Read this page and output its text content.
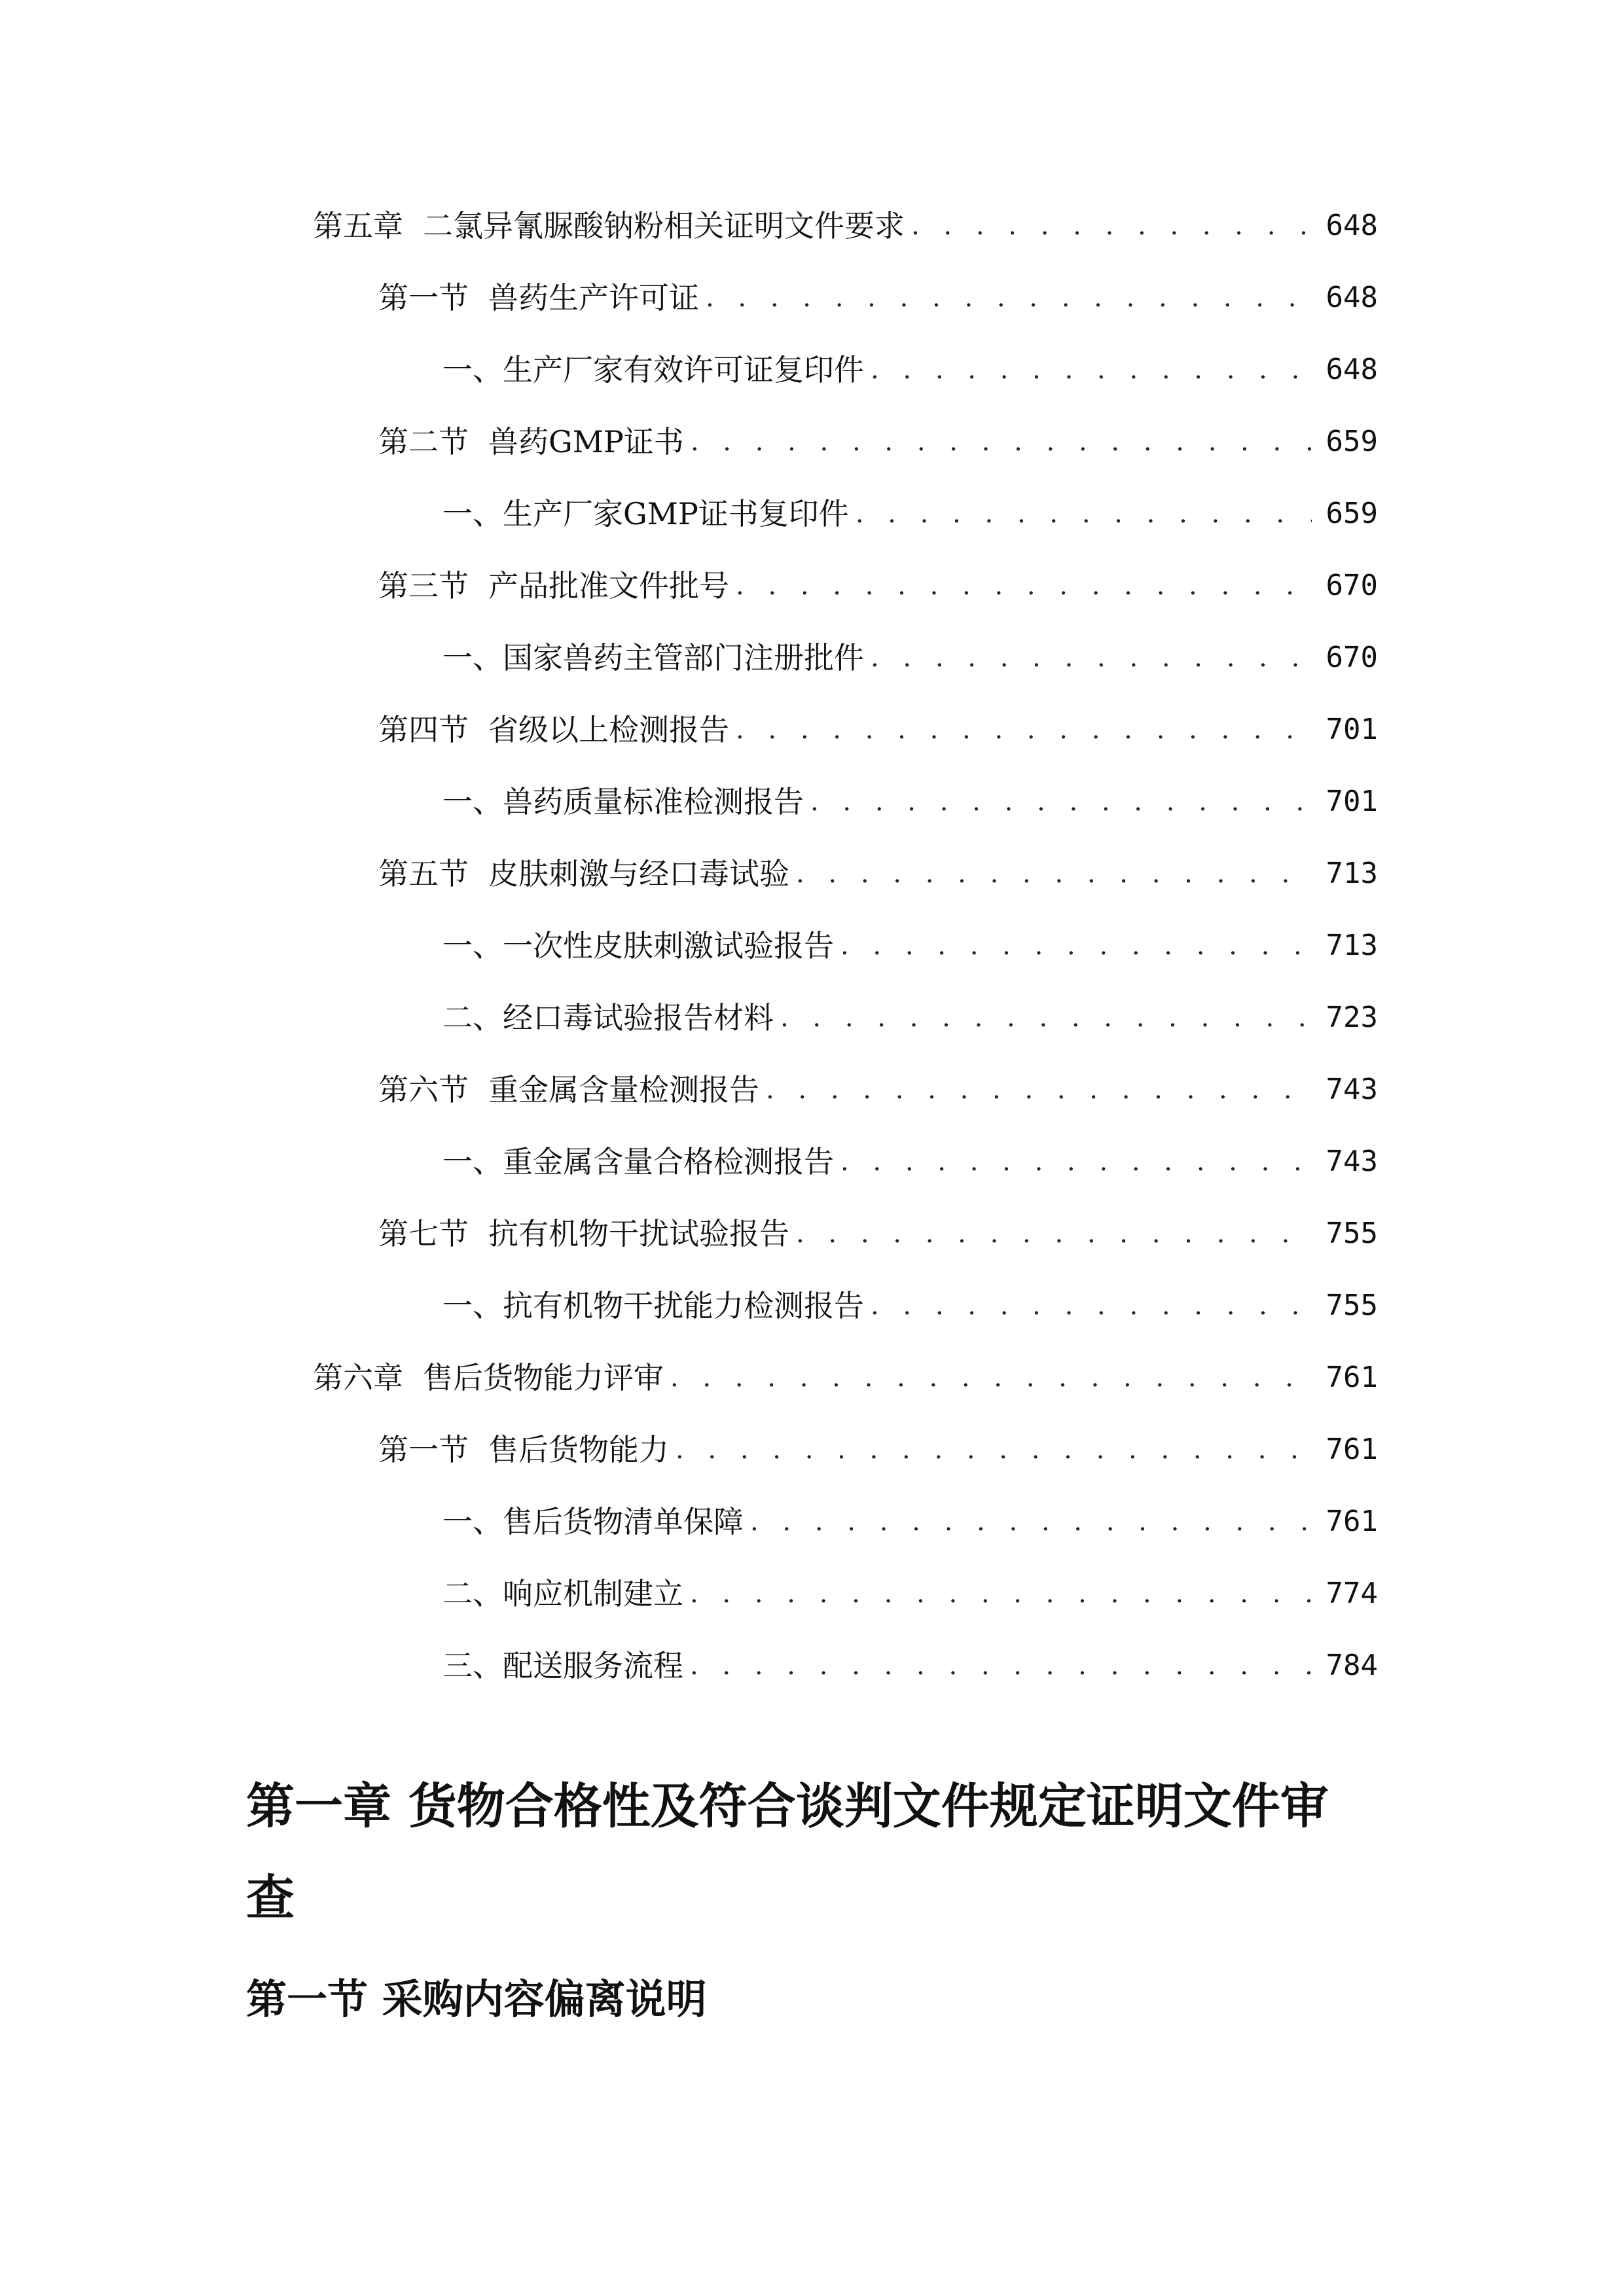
第五章 二氯异氰脲酸钠粉相关证明文件要求 . . .	648
第一节 兽药生产许可证 . . .	648
一、 生产厂家有效许可证复印件 . . .	648
第二节 兽药GMP证书 . . .	659
一、 生产厂家GMP证书复印件 . . .	659
第三节 产品批准文件批号 . . .	670
一、 国家兽药主管部门注册批件 . . .	670
第四节 省级以上检测报告 . . .	701
一、 兽药质量标准检测报告 . . .	701
第五节 皮肤刺激与经口毒试验 . . .	713
一、 一次性皮肤刺激试验报告 . . .	713
二、 经口毒试验报告材料 . . .	723
第六节 重金属含量检测报告 . . .	743
一、 重金属含量合格检测报告 . . .	743
第七节 抗有机物干扰试验报告 . . .	755
一、 抗有机物干扰能力检测报告 . . .	755
第六章 售后货物能力评审 . . .	761
第一节 售后货物能力 . . .	761
一、 售后货物清单保障 . . .	761
二、 响应机制建立 . . .	774
三、 配送服务流程 . . .	784
第一章 货物合格性及符合谈判文件规定证明文件审查
第一节 采购内容偏离说明
